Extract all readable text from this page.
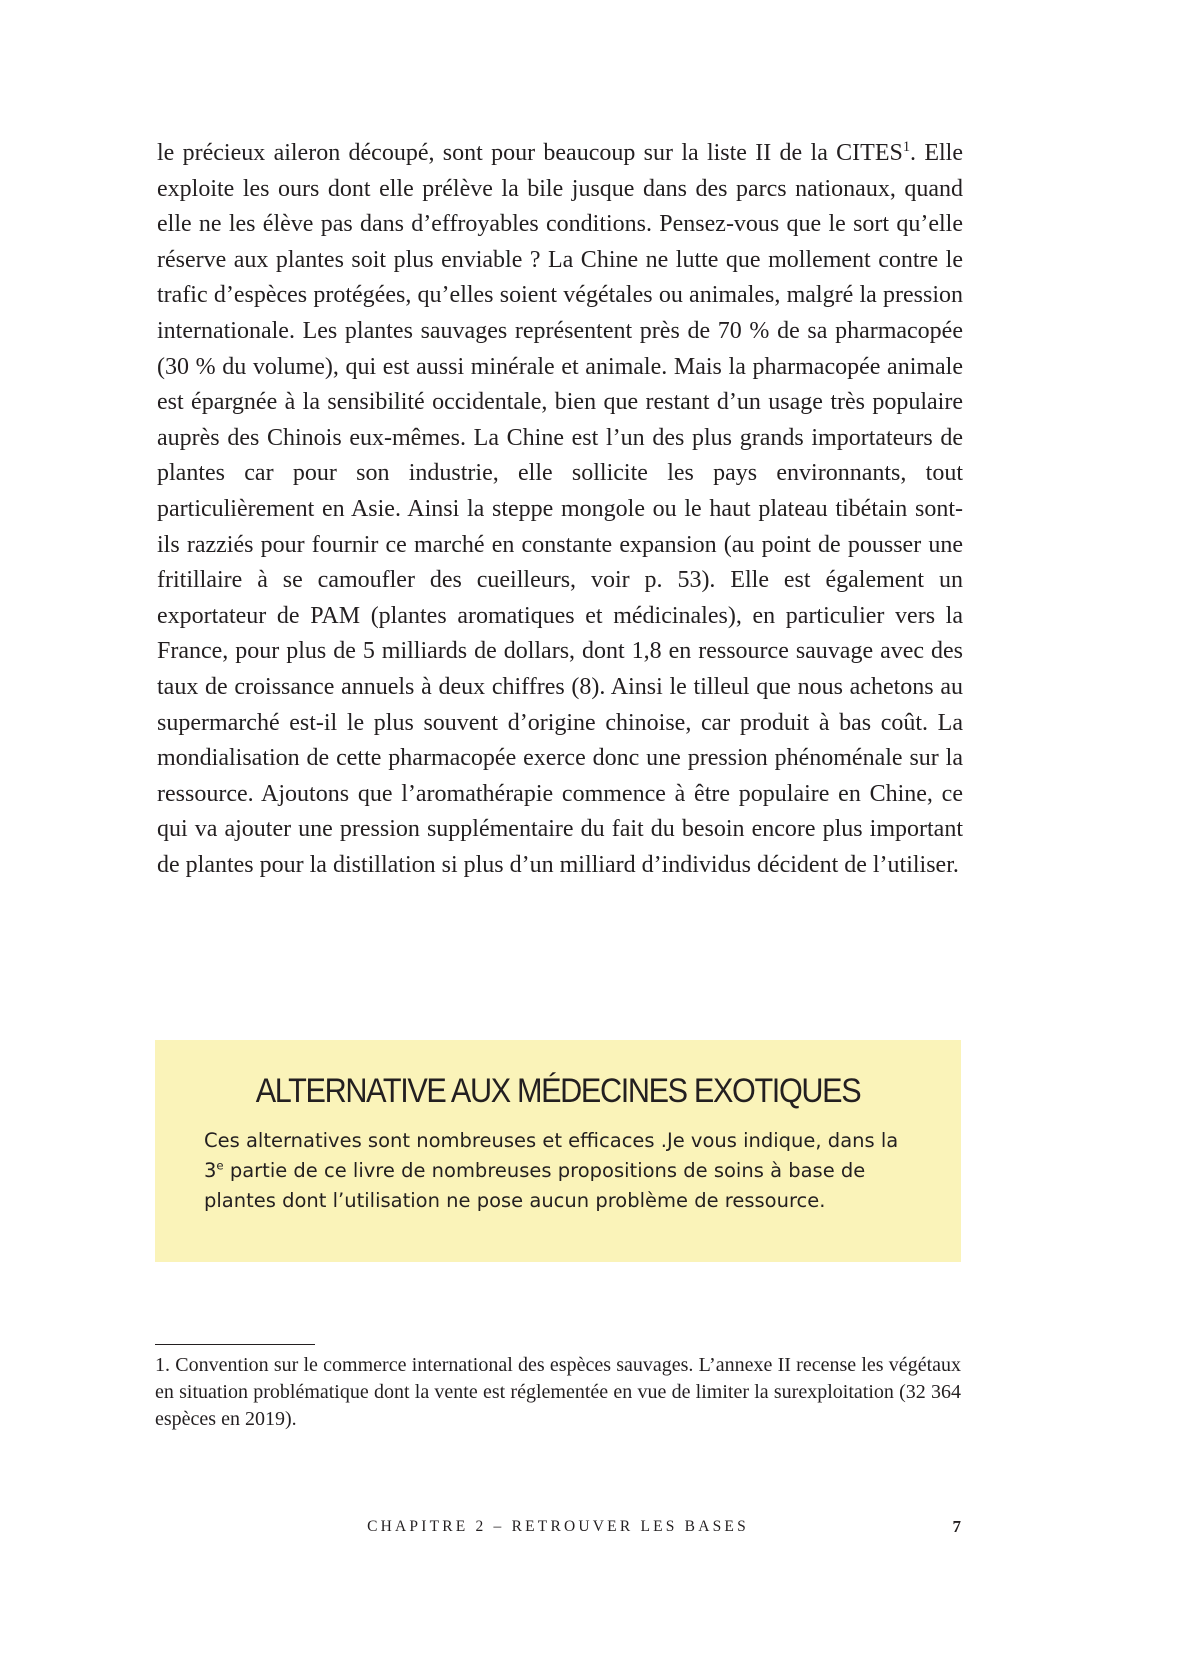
le précieux aileron découpé, sont pour beaucoup sur la liste II de la CITES$^1$. Elle exploite les ours dont elle prélève la bile jusque dans des parcs nationaux, quand elle ne les élève pas dans d’effroyables conditions. Pensez-vous que le sort qu’elle réserve aux plantes soit plus enviable ? La Chine ne lutte que mollement contre le trafic d’espèces protégées, qu’elles soient végétales ou animales, malgré la pression internationale. Les plantes sauvages représentent près de 70 % de sa pharmacopée (30 % du volume), qui est aussi minérale et animale. Mais la pharmacopée animale est épargnée à la sensibilité occidentale, bien que restant d’un usage très populaire auprès des Chinois eux-mêmes. La Chine est l’un des plus grands importateurs de plantes car pour son industrie, elle sollicite les pays environnants, tout particulièrement en Asie. Ainsi la steppe mongole ou le haut plateau tibétain sont-ils razziés pour fournir ce marché en constante expansion (au point de pousser une fritillaire à se camoufler des cueilleurs, voir p. 53). Elle est également un exportateur de PAM (plantes aromatiques et médicinales), en particulier vers la France, pour plus de 5 milliards de dollars, dont 1,8 en ressource sauvage avec des taux de croissance annuels à deux chiffres (8). Ainsi le tilleul que nous achetons au supermarché est-il le plus souvent d’origine chinoise, car produit à bas coût. La mondialisation de cette pharmacopée exerce donc une pression phénoménale sur la ressource. Ajoutons que l’aromathérapie commence à être populaire en Chine, ce qui va ajouter une pression supplémentaire du fait du besoin encore plus important de plantes pour la distillation si plus d’un milliard d’individus décident de l’utiliser.

ALTERNATIVE AUX MÉDECINES EXOTIQUES

Ces alternatives sont nombreuses et efficaces .Je vous indique, dans la 3e partie de ce livre de nombreuses propositions de soins à base de plantes dont l’utilisation ne pose aucun problème de ressource.

1. Convention sur le commerce international des espèces sauvages. L’annexe II recense les végétaux en situation problématique dont la vente est réglementée en vue de limiter la surexploitation (32 364 espèces en 2019).

CHAPITRE 2 – RETROUVER LES BASES	7
